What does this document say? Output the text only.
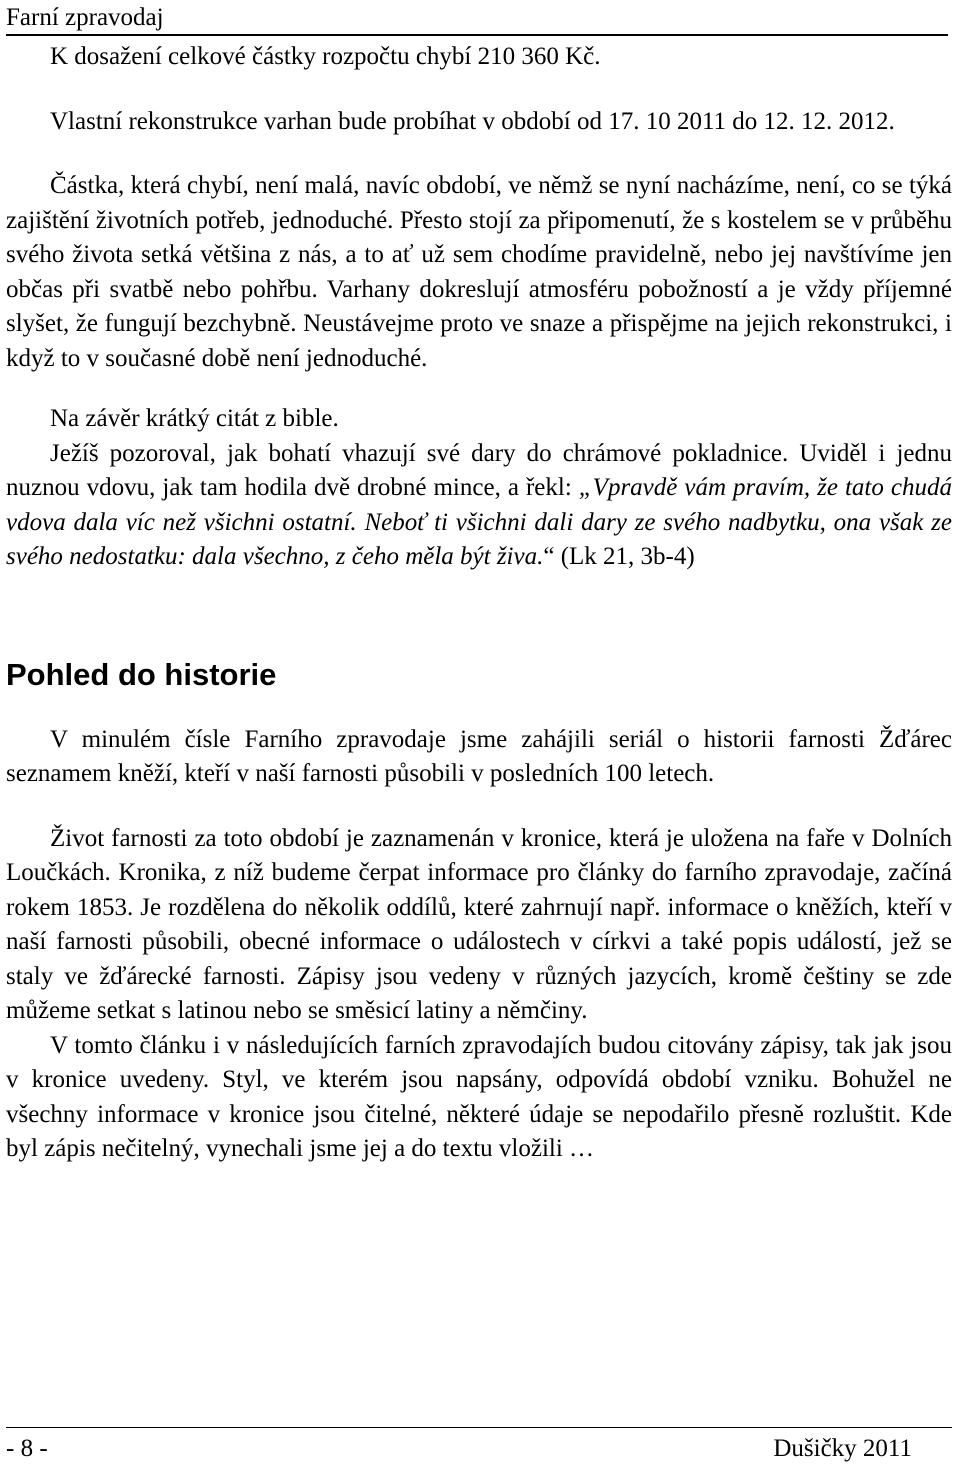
Farní zpravodaj

K dosažení celkové částky rozpočtu chybí 210 360 Kč.

Vlastní rekonstrukce varhan bude probíhat v období od 17. 10 2011 do 12. 12. 2012.

Částka, která chybí, není malá, navíc období, ve němž se nyní nacházíme, není, co se týká zajištění životních potřeb, jednoduché. Přesto stojí za připomenutí, že s kostelem se v průběhu svého života setká většina z nás, a to ať už sem chodíme pravidelně, nebo jej navštívíme jen občas při svatbě nebo pohřbu. Varhany dokreslují atmosféru pobožností a je vždy příjemné slyšet, že fungují bezchybně. Neustávejme proto ve snaze a přispějme na jejich rekonstrukci, i když to v současné době není jednoduché.

Na závěr krátký citát z bible.

Ježíš pozoroval, jak bohatí vhazují své dary do chrámové pokladnice. Uviděl i jednu nuznou vdovu, jak tam hodila dvě drobné mince, a řekl: „Vpravdě vám pravím, že tato chudá vdova dala víc než všichni ostatní. Neboť ti všichni dali dary ze svého nadbytku, ona však ze svého nedostatku: dala všechno, z čeho měla být živa.“ (Lk 21, 3b-4)

Pohled do historie

V minulém čísle Farního zpravodaje jsme zahájili seriál o historii farnosti Žďárec seznamem kněží, kteří v naší farnosti působili v posledních 100 letech.

Život farnosti za toto období je zaznamenán v kronice, která je uložena na faře v Dolních Loučkách. Kronika, z níž budeme čerpat informace pro články do farního zpravodaje, začíná rokem 1853. Je rozdělena do několik oddílů, které zahrnují např. informace o kněžích, kteří v naší farnosti působili, obecné informace o událostech v církvi a také popis událostí, jež se staly ve žďárecké farnosti. Zápisy jsou vedeny v různých jazycích, kromě češtiny se zde můžeme setkat s latinou nebo se směsicí latiny a němčiny.

V tomto článku i v následujících farních zpravodajích budou citovány zápisy, tak jak jsou v kronice uvedeny. Styl, ve kterém jsou napsány, odpovídá období vzniku. Bohužel ne všechny informace v kronice jsou čitelné, některé údaje se nepodařilo přesně rozluštit. Kde byl zápis nečitelný, vynechali jsme jej a do textu vložili …

- 8 -	Dušičky 2011
